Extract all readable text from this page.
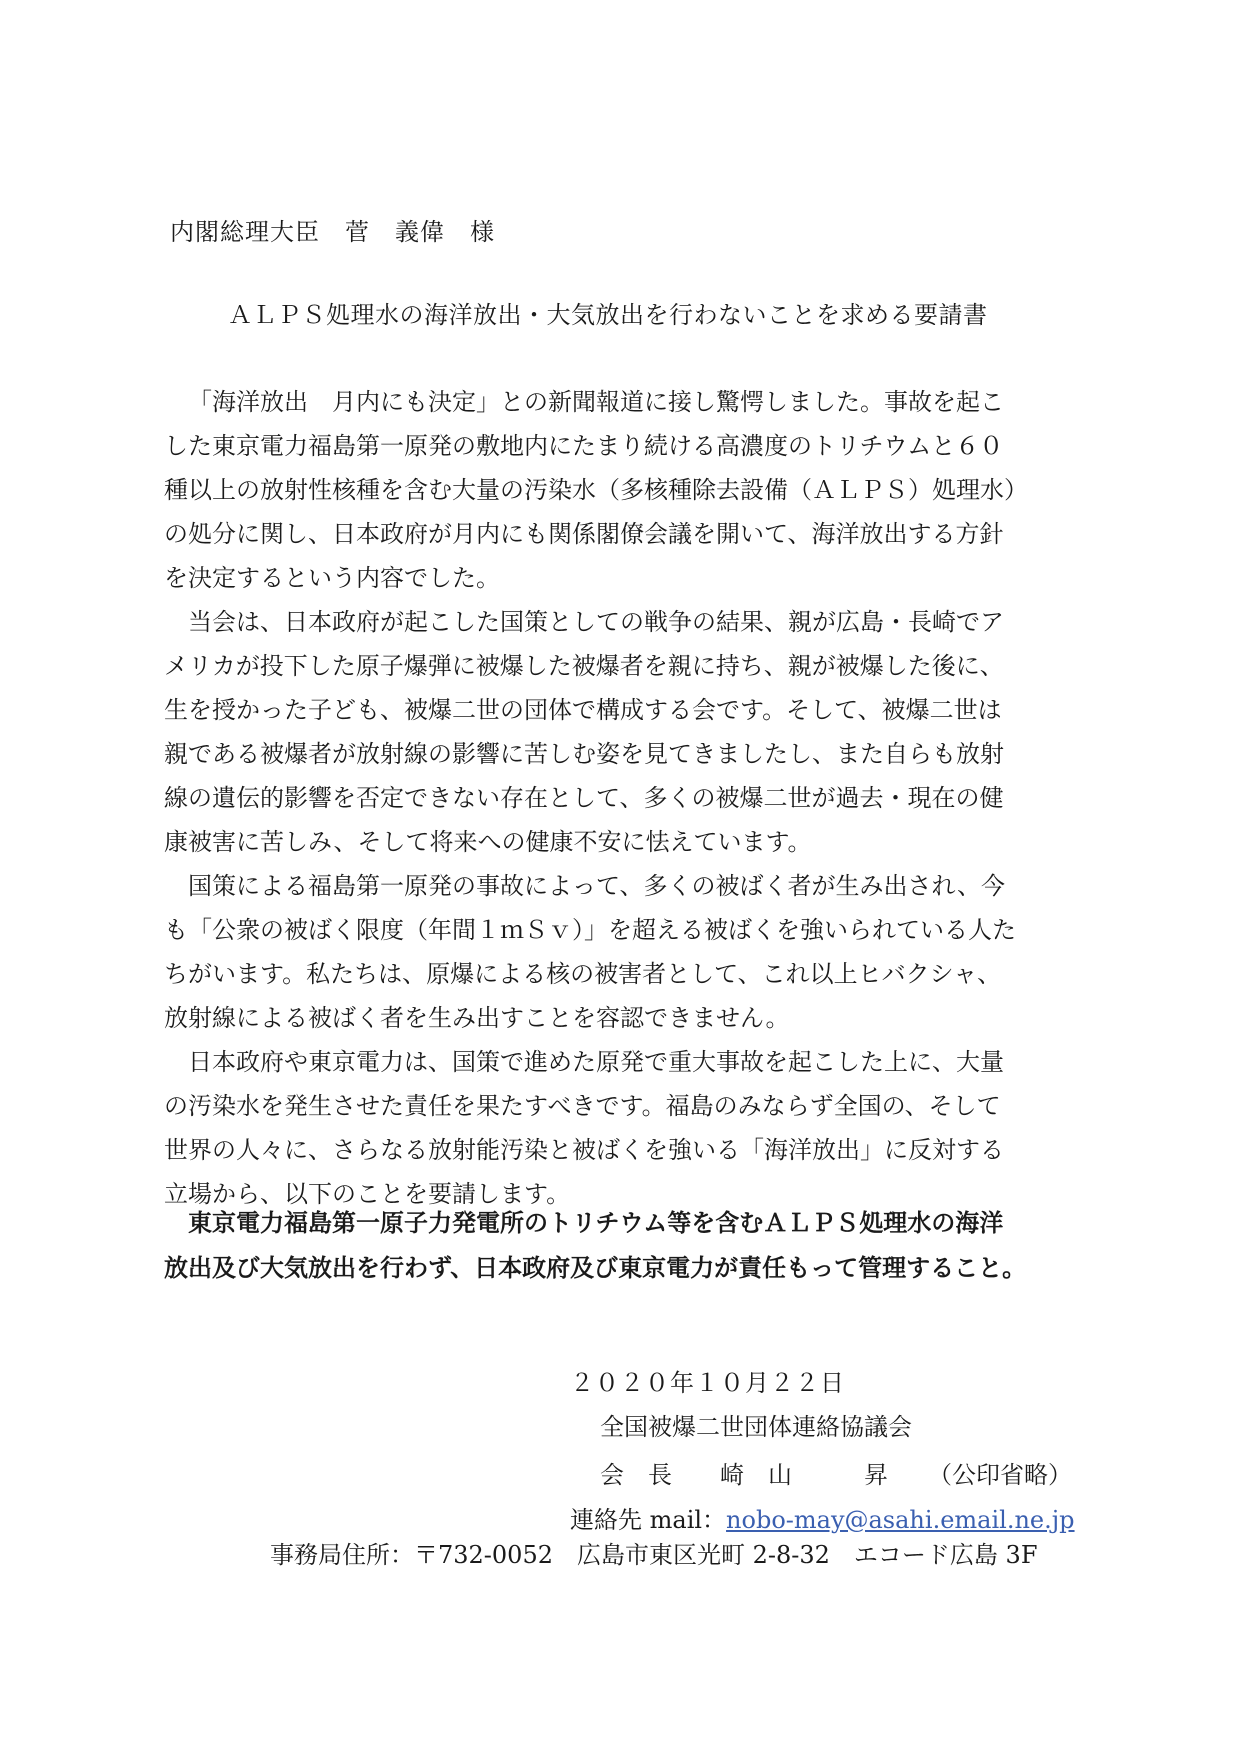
内閣総理大臣　菅　義偉　様
ＡＬＰＳ処理水の海洋放出・大気放出を行わないことを求める要請書
「海洋放出　月内にも決定」との新聞報道に接し驚愕しました。事故を起こ
した東京電力福島第一原発の敷地内にたまり続ける高濃度のトリチウムと６０
種以上の放射性核種を含む大量の汚染水（多核種除去設備（ＡＬＰＳ）処理水）
の処分に関し、日本政府が月内にも関係閣僚会議を開いて、海洋放出する方針
を決定するという内容でした。
当会は、日本政府が起こした国策としての戦争の結果、親が広島・長崎でア
メリカが投下した原子爆弾に被爆した被爆者を親に持ち、親が被爆した後に、
生を授かった子ども、被爆二世の団体で構成する会です。そして、被爆二世は
親である被爆者が放射線の影響に苦しむ姿を見てきましたし、また自らも放射
線の遺伝的影響を否定できない存在として、多くの被爆二世が過去・現在の健
康被害に苦しみ、そして将来への健康不安に怯えています。
国策による福島第一原発の事故によって、多くの被ばく者が生み出され、今
も「公衆の被ばく限度（年間１ｍＳｖ）」を超える被ばくを強いられている人た
ちがいます。私たちは、原爆による核の被害者として、これ以上ヒバクシャ、
放射線による被ばく者を生み出すことを容認できません。
日本政府や東京電力は、国策で進めた原発で重大事故を起こした上に、大量
の汚染水を発生させた責任を果たすべきです。福島のみならず全国の、そして
世界の人々に、さらなる放射能汚染と被ばくを強いる「海洋放出」に反対する
立場から、以下のことを要請します。
東京電力福島第一原子力発電所のトリチウム等を含むＡＬＰＳ処理水の海洋
放出及び大気放出を行わず、日本政府及び東京電力が責任もって管理すること。
２０２０年１０月２２日
全国被爆二世団体連絡協議会
会　長　　崎　山　　　昇 （公印省略）
連絡先 mail：nobo-may@asahi.email.ne.jp
事務局住所：〒732-0052　広島市東区光町 2-8-32　エコード広島 3F
